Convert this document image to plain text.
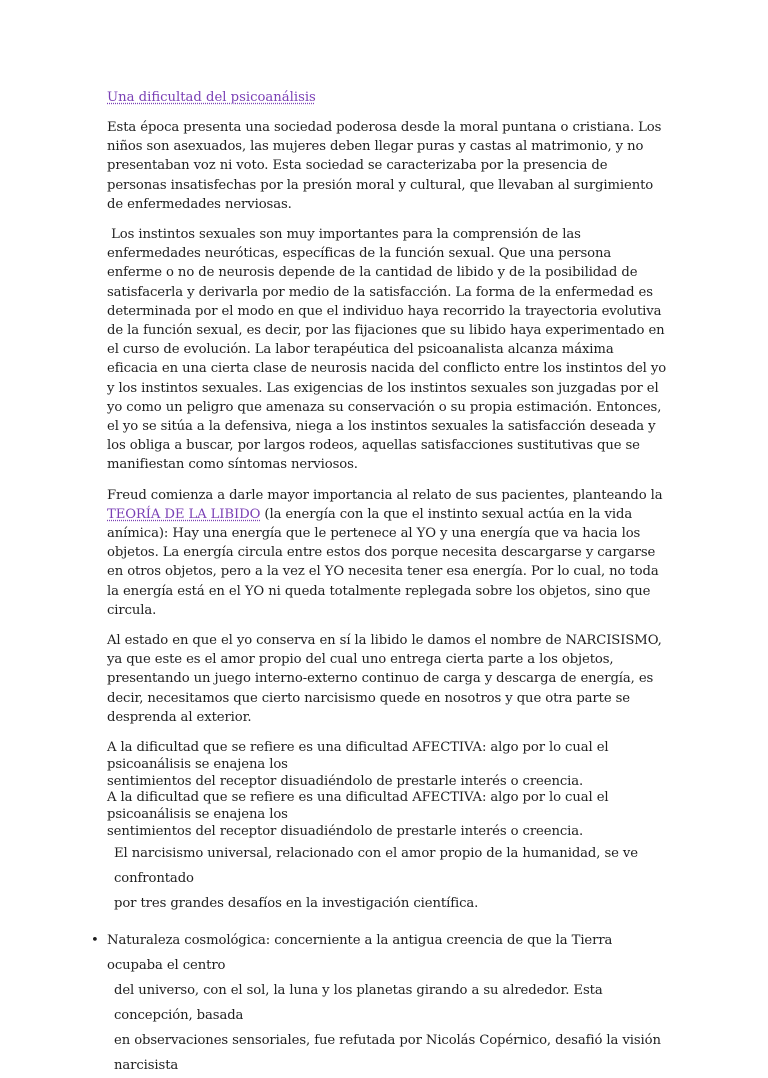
Una dificultad del psicoanálisis

Esta época presenta una sociedad poderosa desde la moral puntana o cristiana. Los niños son asexuados, las mujeres deben llegar puras y castas al matrimonio, y no presentaban voz ni voto. Esta sociedad se caracterizaba por la presencia de personas insatisfechas por la presión moral y cultural, que llevaban al surgimiento de enfermedades nerviosas.

Los instintos sexuales son muy importantes para la comprensión de las enfermedades neuróticas, específicas de la función sexual. Que una persona enferme o no de neurosis depende de la cantidad de libido y de la posibilidad de satisfacerla y derivarla por medio de la satisfacción. La forma de la enfermedad es determinada por el modo en que el individuo haya recorrido la trayectoria evolutiva de la función sexual, es decir, por las fijaciones que su libido haya experimentado en el curso de evolución. La labor terapéutica del psicoanalista alcanza máxima eficacia en una cierta clase de neurosis nacida del conflicto entre los instintos del yo y los instintos sexuales. Las exigencias de los instintos sexuales son juzgadas por el yo como un peligro que amenaza su conservación o su propia estimación. Entonces, el yo se sitúa a la defensiva, niega a los instintos sexuales la satisfacción deseada y los obliga a buscar, por largos rodeos, aquellas satisfacciones sustitutivas que se manifiestan como síntomas nerviosos.

Freud comienza a darle mayor importancia al relato de sus pacientes, planteando la TEORÍA DE LA LIBIDO (la energía con la que el instinto sexual actúa en la vida anímica): Hay una energía que le pertenece al YO y una energía que va hacia los objetos. La energía circula entre estos dos porque necesita descargarse y cargarse en otros objetos, pero a la vez el YO necesita tener esa energía. Por lo cual, no toda la energía está en el YO ni queda totalmente replegada sobre los objetos, sino que circula.

Al estado en que el yo conserva en sí la libido le damos el nombre de NARCISISMO, ya que este es el amor propio del cual uno entrega cierta parte a los objetos, presentando un juego interno-externo continuo de carga y descarga de energía, es decir, necesitamos que cierto narcisismo quede en nosotros y que otra parte se desprenda al exterior.

A la dificultad que se refiere es una dificultad AFECTIVA: algo por lo cual el psicoanálisis se enajena los

sentimientos del receptor disuadiéndolo de prestarle interés o creencia.

A la dificultad que se refiere es una dificultad AFECTIVA: algo por lo cual el psicoanálisis se enajena los

sentimientos del receptor disuadiéndolo de prestarle interés o creencia.

El narcisismo universal, relacionado con el amor propio de la humanidad, se ve confrontado
por tres grandes desafíos en la investigación científica.
• Naturaleza cosmológica: concerniente a la antigua creencia de que la Tierra ocupaba el centro
del universo, con el sol, la luna y los planetas girando a su alrededor. Esta concepción, basada
en observaciones sensoriales, fue refutada por Nicolás Copérnico, desafió la visión narcisista
